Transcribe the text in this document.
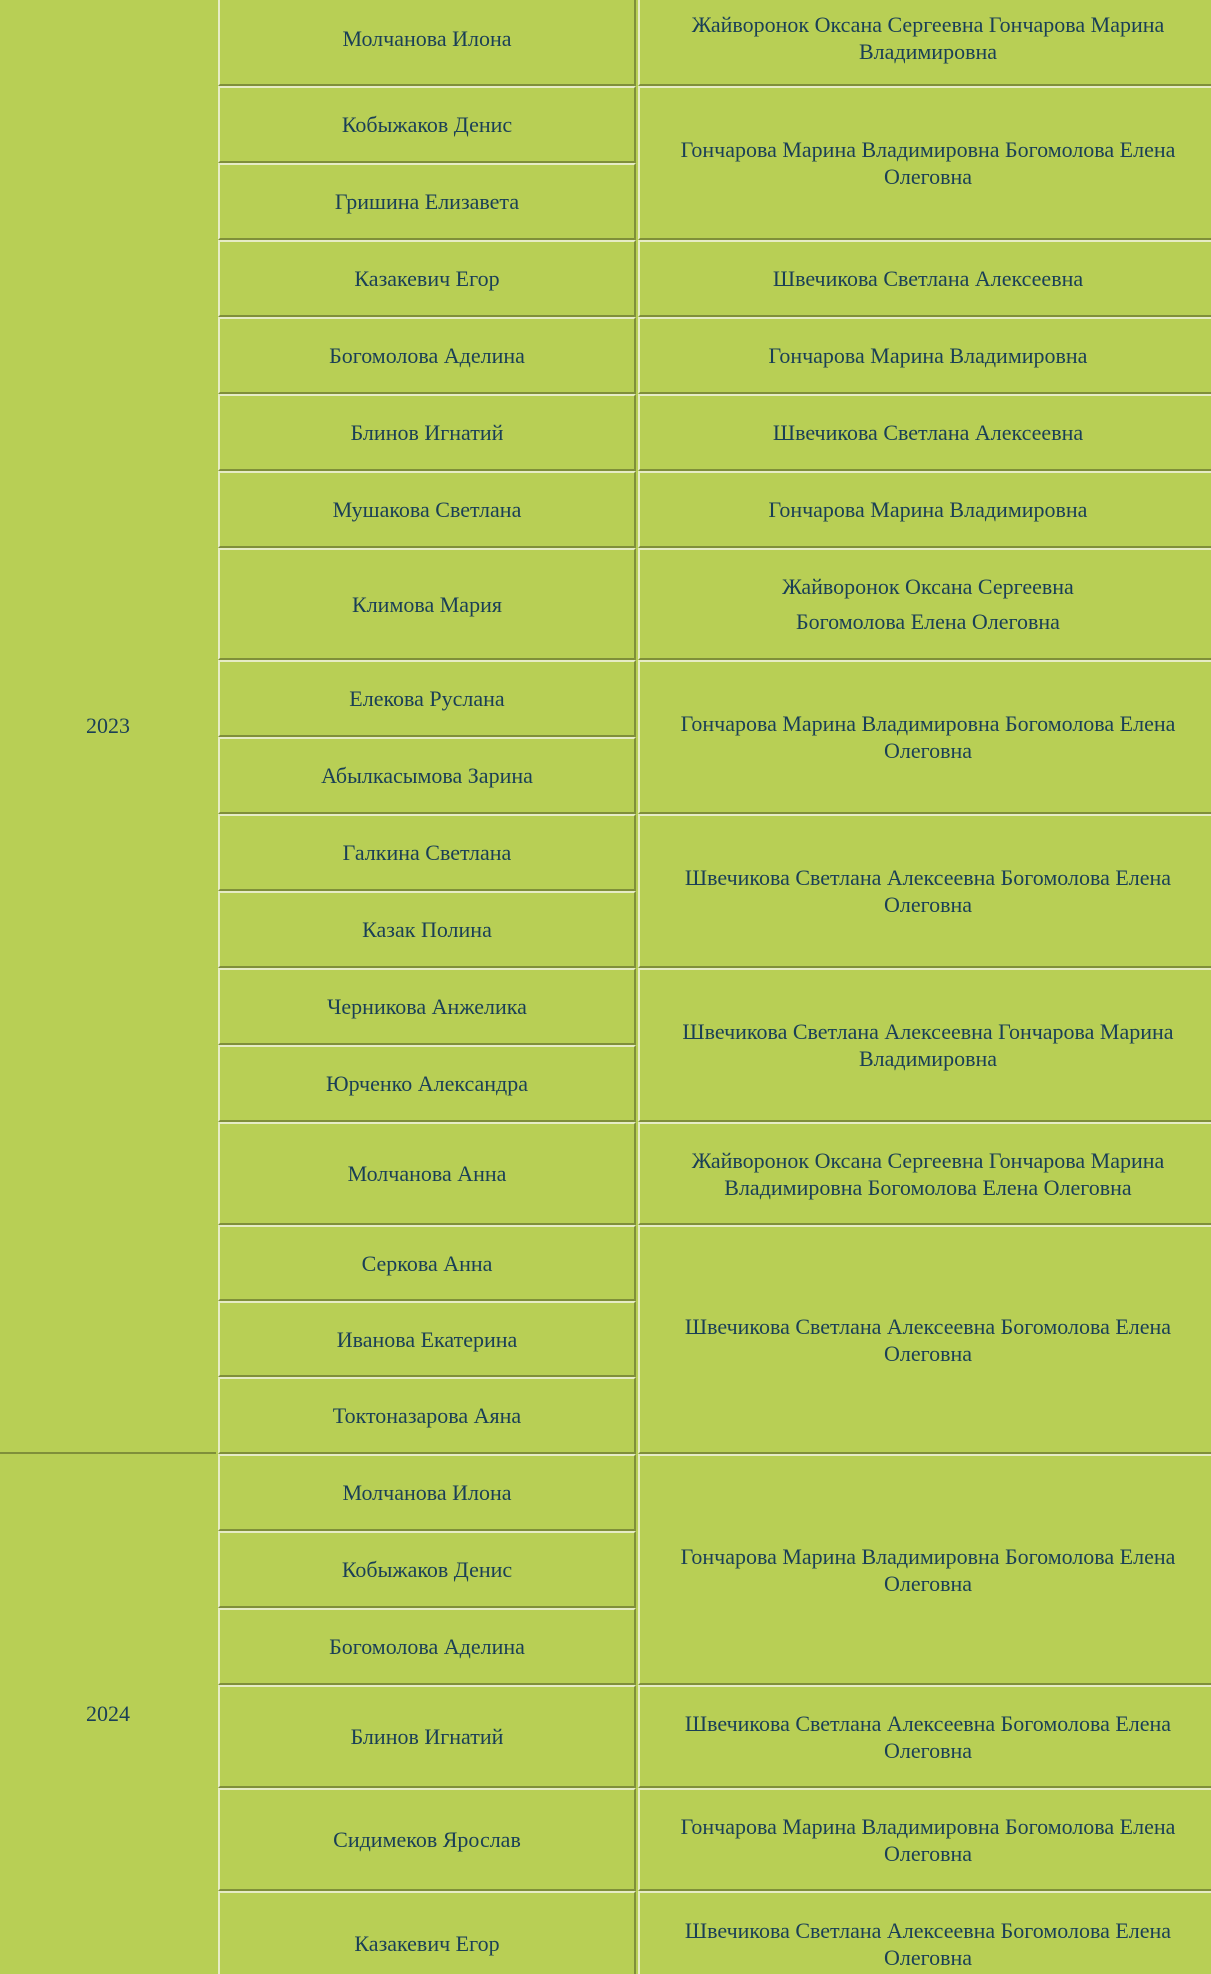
2023
2024
Молчанова Илона
Кобыжаков Денис
Гришина Елизавета
Казакевич Егор
Богомолова Аделина
Блинов Игнатий
Мушакова Светлана
Климова Мария
Елекова Руслана
Абылкасымова Зарина
Галкина Светлана
Казак Полина
Черникова Анжелика
Юрченко Александра
Молчанова Анна
Серкова Анна
Иванова Екатерина
Токтоназарова Аяна
Молчанова Илона
Кобыжаков Денис
Богомолова Аделина
Блинов Игнатий
Сидимеков Ярослав
Казакевич Егор
Жайворонок Оксана Сергеевна Гончарова Марина Владимировна
Гончарова Марина Владимировна Богомолова Елена Олеговна
Швечикова Светлана Алексеевна
Гончарова Марина Владимировна
Швечикова Светлана Алексеевна
Гончарова Марина Владимировна
Жайворонок Оксана Сергеевна
Богомолова Елена Олеговна
Гончарова Марина Владимировна Богомолова Елена Олеговна
Швечикова Светлана Алексеевна Богомолова Елена Олеговна
Швечикова Светлана Алексеевна Гончарова Марина Владимировна
Жайворонок Оксана Сергеевна Гончарова Марина Владимировна Богомолова Елена Олеговна
Швечикова Светлана Алексеевна Богомолова Елена Олеговна
Гончарова Марина Владимировна Богомолова Елена Олеговна
Швечикова Светлана Алексеевна Богомолова Елена Олеговна
Гончарова Марина Владимировна Богомолова Елена Олеговна
Швечикова Светлана Алексеевна Богомолова Елена Олеговна
